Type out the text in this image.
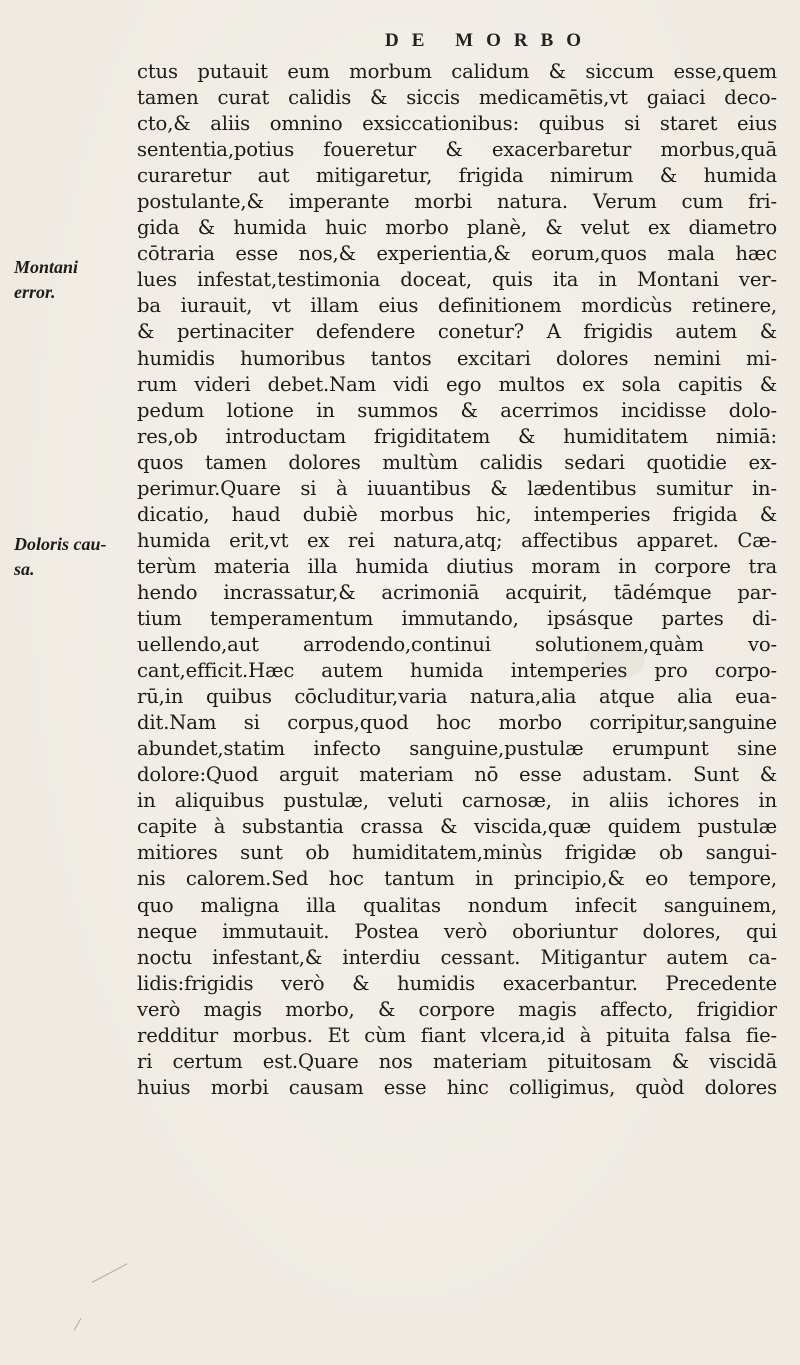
DE MORBO
Montani
error.
Doloris cau-
sa.
ctus putauit eum morbum calidum & siccum esse,quem
tamen curat calidis & siccis medicamētis,vt gaiaci deco-
cto,& aliis omnino exsiccationibus: quibus si staret eius
sententia,potius foueretur & exacerbaretur morbus,quā
curaretur aut mitigaretur, frigida nimirum & humida
postulante,& imperante morbi natura. Verum cum fri-
gida & humida huic morbo planè, & velut ex diametro
cōtraria esse nos,& experientia,& eorum,quos mala hæc
lues infestat,testimonia doceat, quis ita in Montani ver-
ba iurauit, vt illam eius definitionem mordicùs retinere,
& pertinaciter defendere conetur? A frigidis autem &
humidis humoribus tantos excitari dolores nemini mi-
rum videri debet.Nam vidi ego multos ex sola capitis &
pedum lotione in summos & acerrimos incidisse dolo-
res,ob introductam frigiditatem & humiditatem nimiā:
quos tamen dolores multùm calidis sedari quotidie ex-
perimur.Quare si à iuuantibus & lædentibus sumitur in-
dicatio, haud dubiè morbus hic, intemperies frigida &
humida erit,vt ex rei natura,atq; affectibus apparet. Cæ-
terùm materia illa humida diutius moram in corpore tra
hendo incrassatur,& acrimoniā acquirit, tādémque par-
tium temperamentum immutando, ipsásque partes di-
uellendo,aut arrodendo,continui solutionem,quàm vo-
cant,efficit.Hæc autem humida intemperies pro corpo-
rū,in quibus cōcluditur,varia natura,alia atque alia eua-
dit.Nam si corpus,quod hoc morbo corripitur,sanguine
abundet,statim infecto sanguine,pustulæ erumpunt sine
dolore:Quod arguit materiam nō esse adustam. Sunt &
in aliquibus pustulæ, veluti carnosæ, in aliis ichores in
capite à substantia crassa & viscida,quæ quidem pustulæ
mitiores sunt ob humiditatem,minùs frigidæ ob sangui-
nis calorem.Sed hoc tantum in principio,& eo tempore,
quo maligna illa qualitas nondum infecit sanguinem,
neque immutauit. Postea verò oboriuntur dolores, qui
noctu infestant,& interdiu cessant. Mitigantur autem ca-
lidis:frigidis verò & humidis exacerbantur. Precedente
verò magis morbo, & corpore magis affecto, frigidior
redditur morbus. Et cùm fiant vlcera,id à pituita falsa fie-
ri certum est.Quare nos materiam pituitosam & viscidā
huius morbi causam esse hinc colligimus, quòd dolores
